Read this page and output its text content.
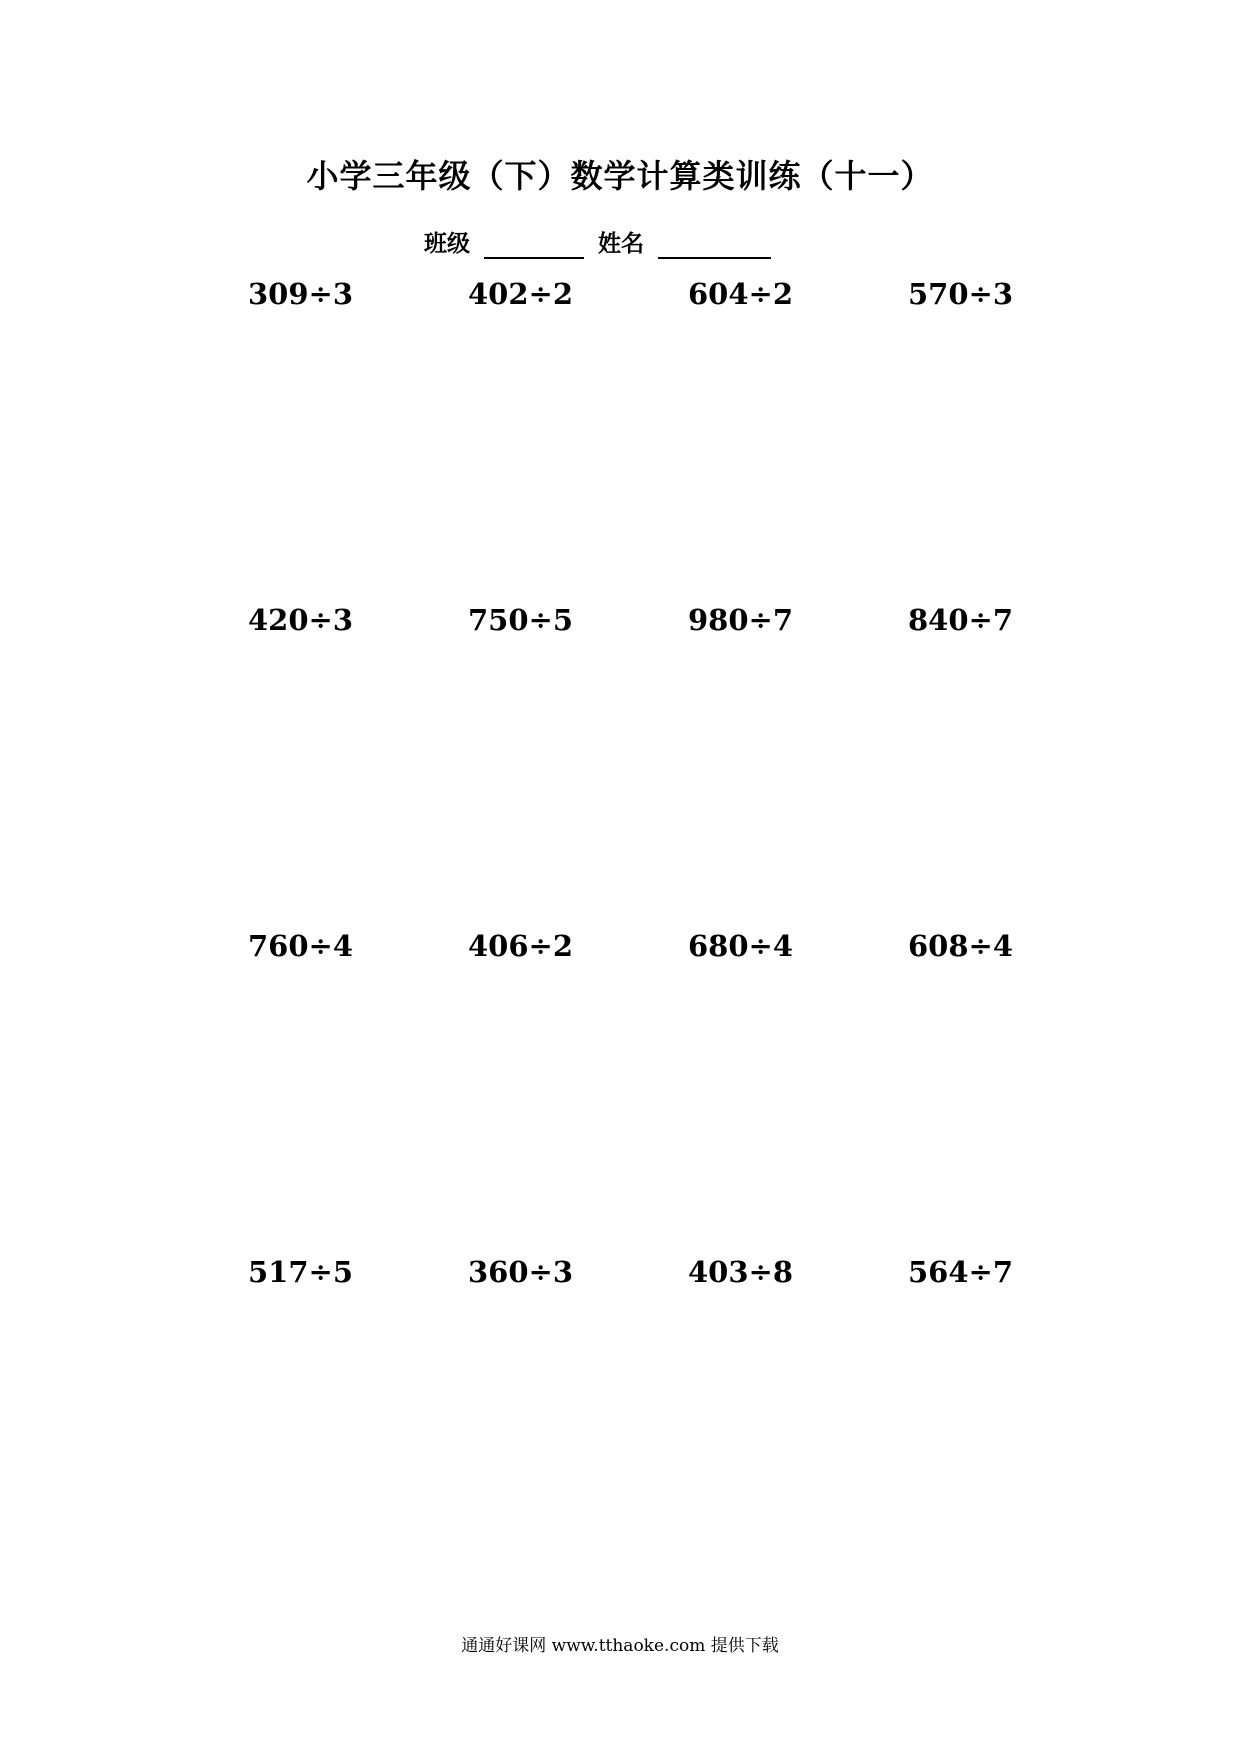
小学三年级（下）数学计算类训练（十一）
班级	姓名
309÷3	402÷2	604÷2	570÷3
420÷3	750÷5	980÷7	840÷7
760÷4	406÷2	680÷4	608÷4
517÷5	360÷3	403÷8	564÷7
通通好课网 www.tthaoke.com 提供下载
